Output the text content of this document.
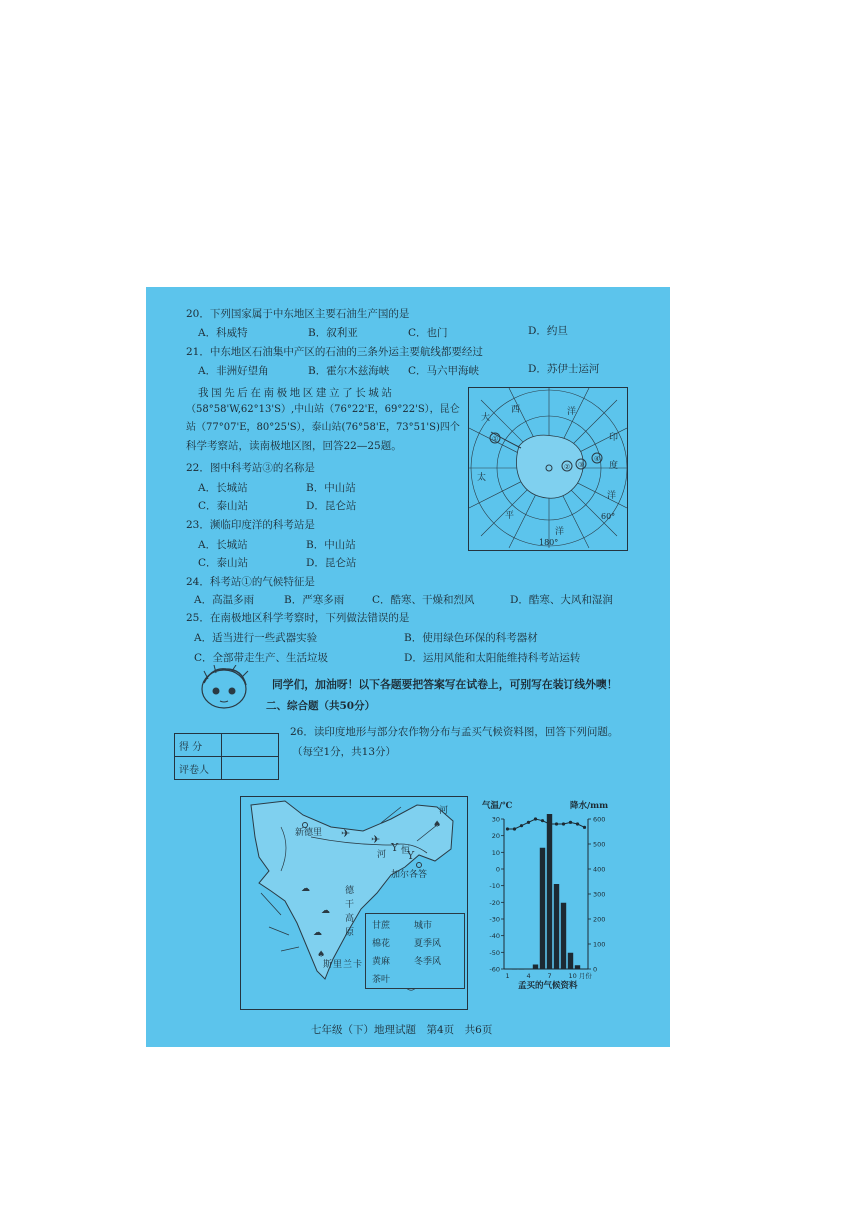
20．下列国家属于中东地区主要石油生产国的是
A．科威特	B．叙利亚	C．也门	D．约旦
21．中东地区石油集中产区的石油的三条外运主要航线都要经过
A．非洲好望角	B．霍尔木兹海峡 C．马六甲海峡	D．苏伊士运河
我国先后在南极地区建立了长城站
（58°58'W,62°13'S）,中山站（76°22'E，69°22'S），昆仑
站（77°07'E，80°25'S），泰山站(76°58'E，73°51'S)四个
科学考察站，读南极地区图，回答22—25题。
①
② ③
④
大
西	洋
印
度
洋
太
平
洋
60°
180°
22．图中科考站③的名称是
A．长城站	B．中山站
C．泰山站	D．昆仑站
23．濒临印度洋的科考站是
A．长城站	B．中山站
C．泰山站	D．昆仑站
24．科考站①的气候特征是
A．高温多雨	B．严寒多雨	C．酷寒、干燥和烈风	D．酷寒、大风和湿润
25．在南极地区科学考察时，下列做法错误的是
A．适当进行一些武器实验	B．使用绿色环保的科考器材
C．全部带走生产、生活垃圾	D．运用风能和太阳能维持科考站运转
同学们，加油呀！以下各题要把答案写在试卷上，可别写在装订线外噢！
二、综合题（共50分）
得 分	
评卷人	
26．读印度地形与部分农作物分布与孟买气候资料图，回答下列问题。
（每空1分，共13分）
✈ ✈
Y
Y
☁
☁
☁
♠
♠
甘蔗	城市
棉花	夏季风
黄麻	冬季风
茶叶
新德里
河
恒
河
德
干
高
原
加尔各答
斯 里 兰 卡
气温/℃	降水/mm
30
20
10
0
-10
-20
-30
-40
-50
-60
600
500
400
300
200
100
0
1	4	7	10 月份
孟买的气候资料
七年级（下）地理试题　第4页　共6页
